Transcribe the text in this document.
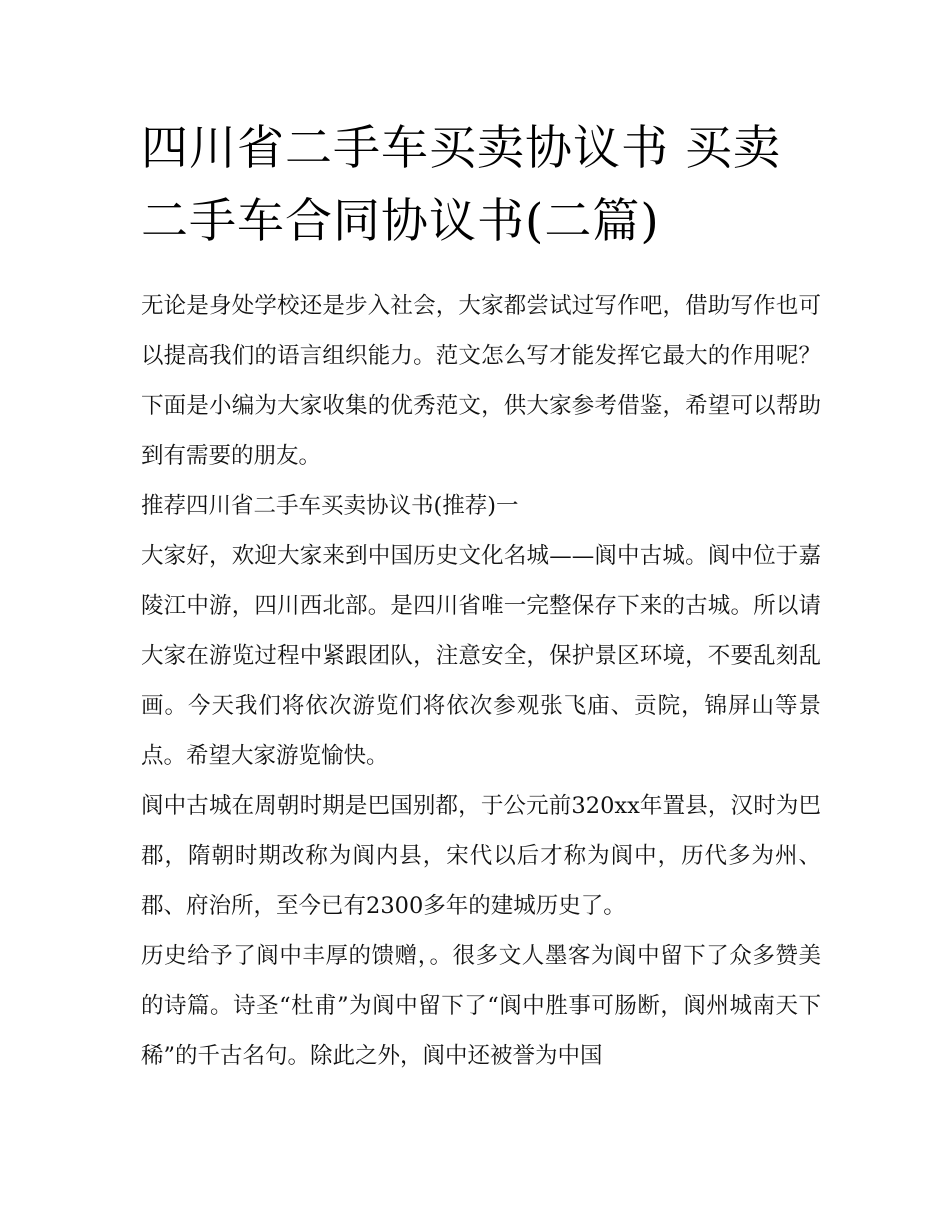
四川省二手车买卖协议书 买卖二手车合同协议书(二篇)

无论是身处学校还是步入社会，大家都尝试过写作吧，借助写作也可以提高我们的语言组织能力。范文怎么写才能发挥它最大的作用呢？下面是小编为大家收集的优秀范文，供大家参考借鉴，希望可以帮助到有需要的朋友。

推荐四川省二手车买卖协议书(推荐)一

大家好，欢迎大家来到中国历史文化名城——阆中古城。阆中位于嘉陵江中游，四川西北部。是四川省唯一完整保存下来的古城。所以请大家在游览过程中紧跟团队，注意安全，保护景区环境，不要乱刻乱画。今天我们将依次游览们将依次参观张飞庙、贡院，锦屏山等景点。希望大家游览愉快。

阆中古城在周朝时期是巴国别都，于公元前320xx年置县，汉时为巴郡，隋朝时期改称为阆内县，宋代以后才称为阆中，历代多为州、郡、府治所，至今已有2300多年的建城历史了。

历史给予了阆中丰厚的馈赠，。很多文人墨客为阆中留下了众多赞美的诗篇。诗圣“杜甫”为阆中留下了“阆中胜事可肠断，阆州城南天下稀”的千古名句。除此之外，阆中还被誉为中国
